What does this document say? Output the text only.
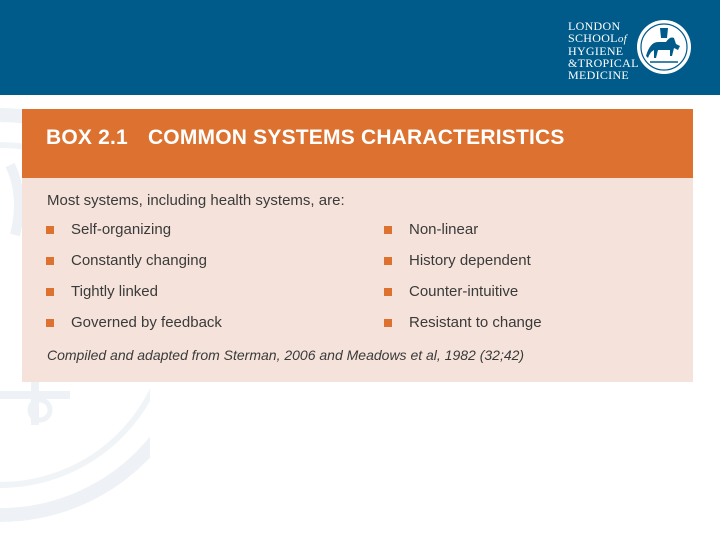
LONDON
SCHOOLof
HYGIENE
&TROPICAL
MEDICINE
BOX 2.1 COMMON SYSTEMS CHARACTERISTICS
Most systems, including health systems, are:
Self-organizing
Constantly changing
Tightly linked
Governed by feedback
Non-linear
History dependent
Counter-intuitive
Resistant to change
Compiled and adapted from Sterman, 2006 and Meadows et al, 1982 (32;42)
